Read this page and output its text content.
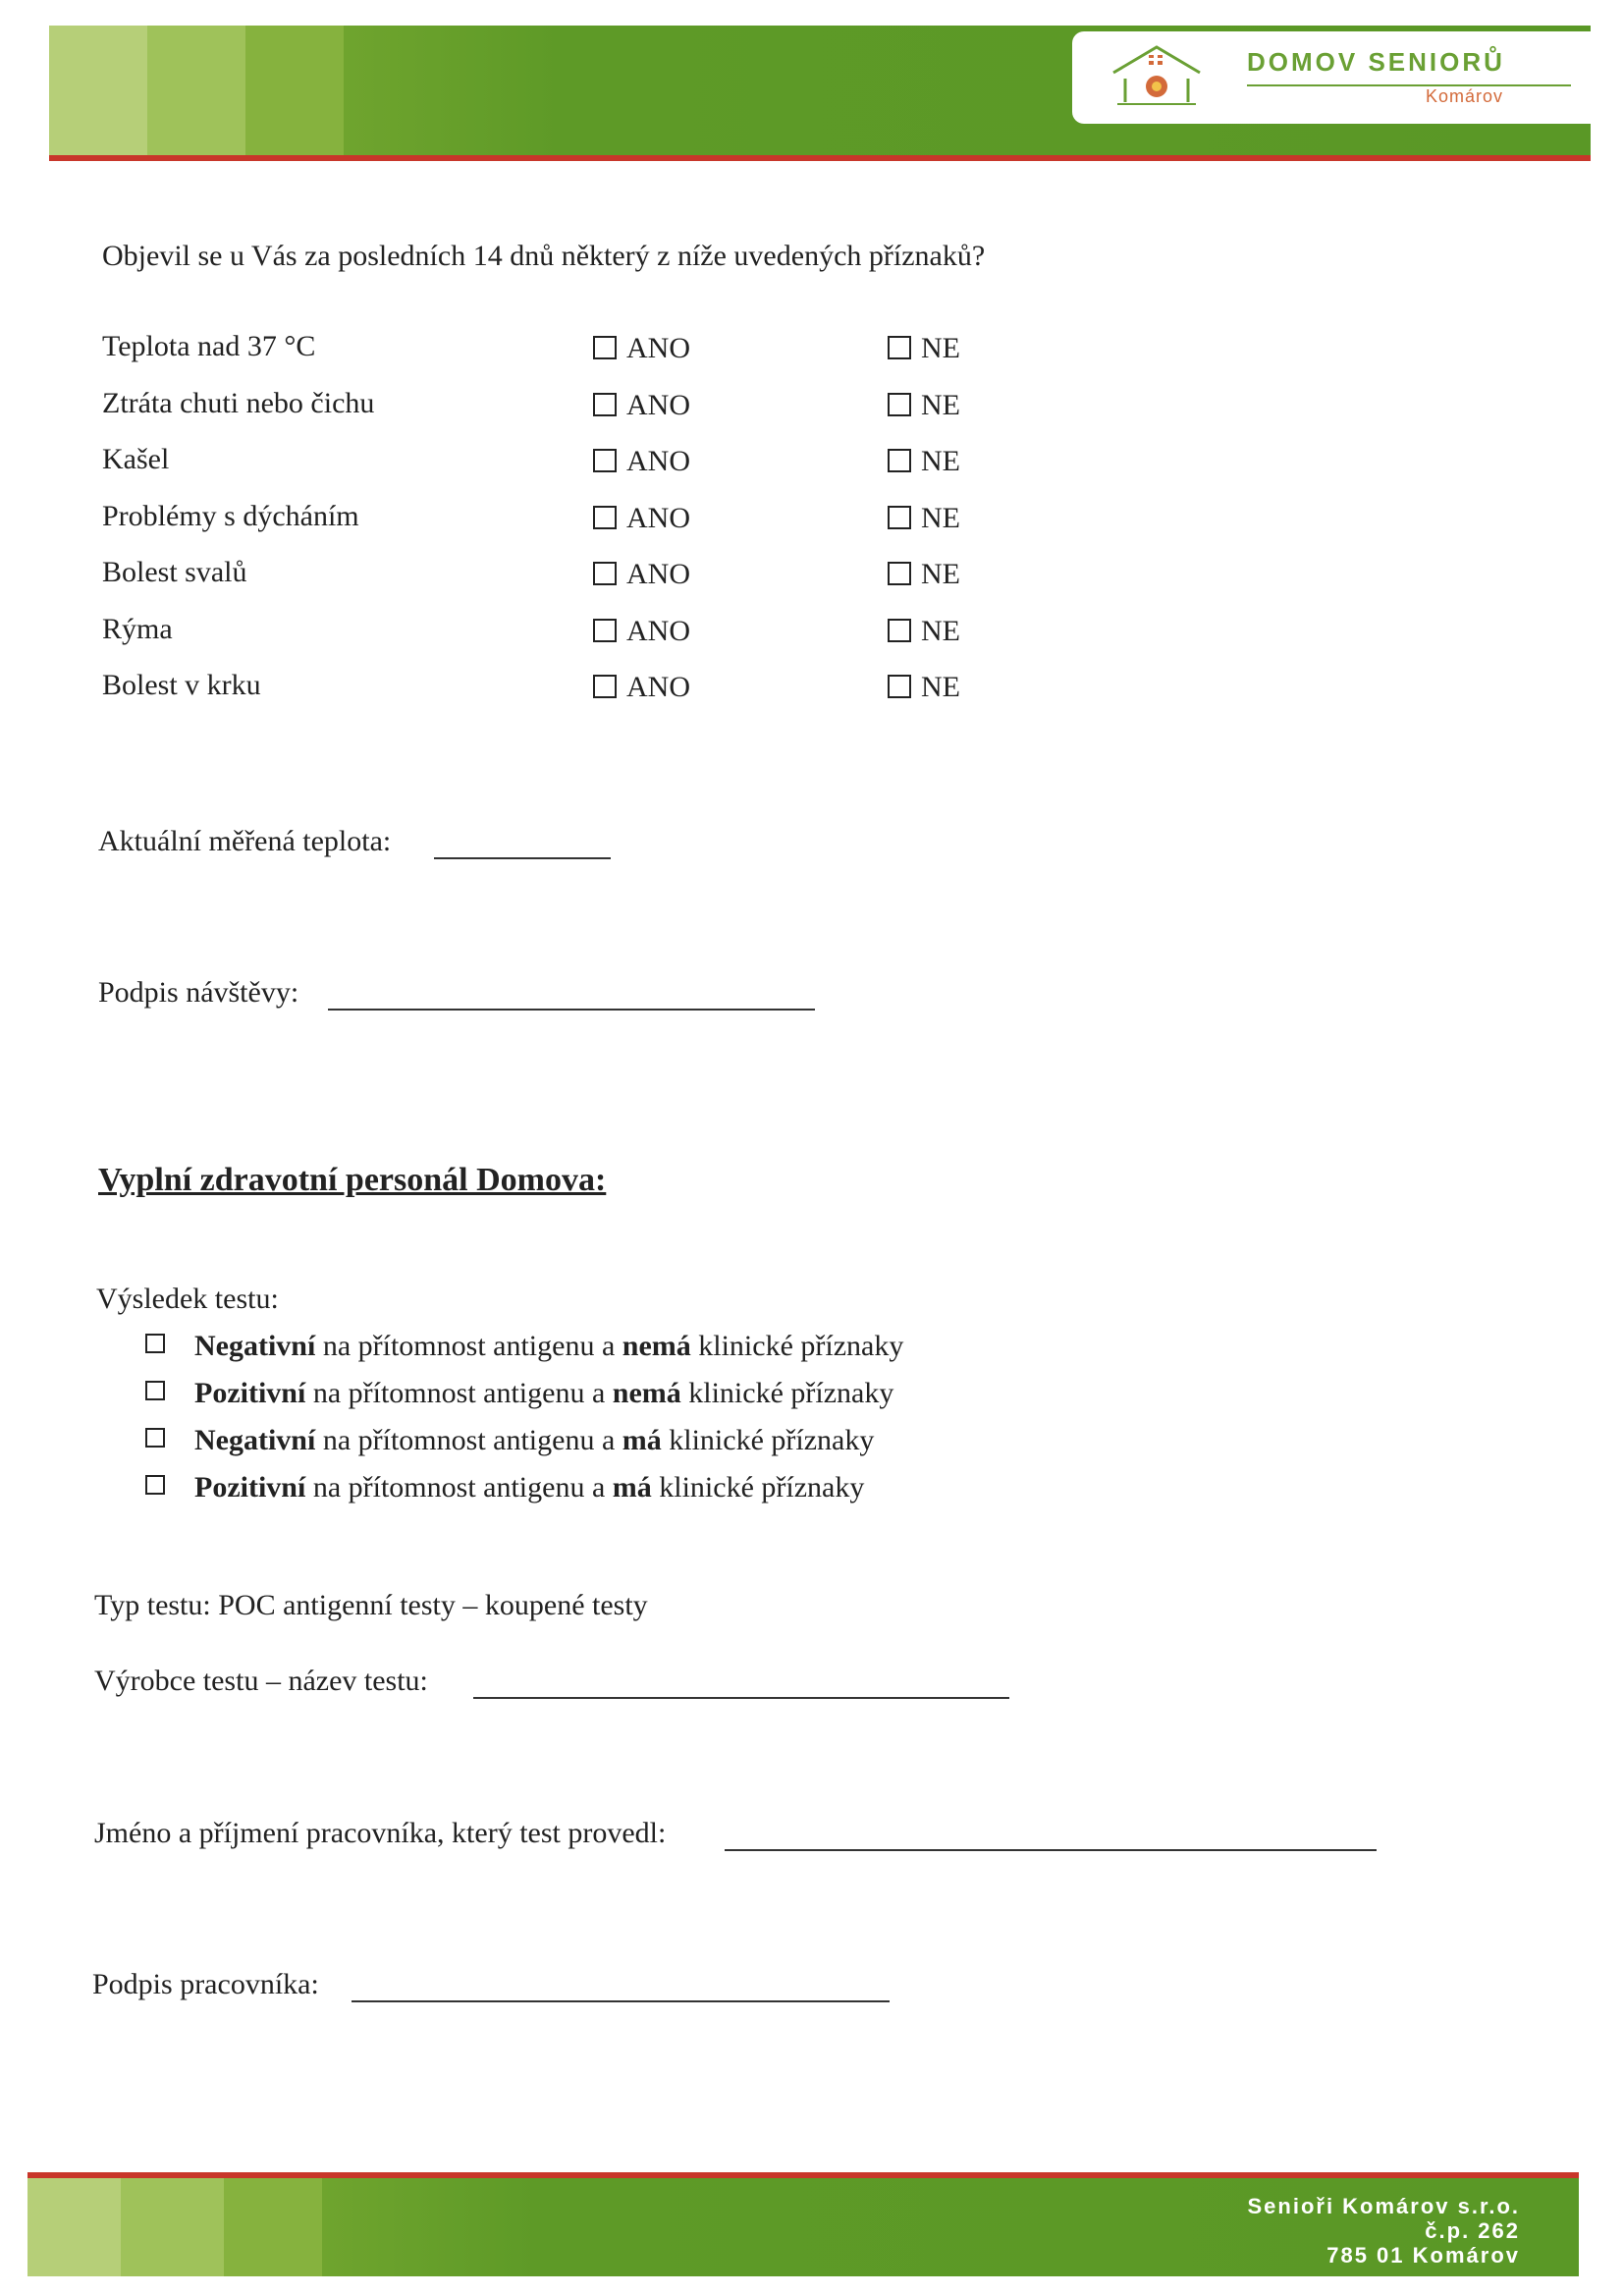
DOMOV SENIORŮ
Komárov
Objevil se u Vás za posledních 14 dnů některý z níže uvedených příznaků?
Teplota nad 37 °C	ANO	NE
Ztráta chuti nebo čichu	ANO	NE
Kašel	ANO	NE
Problémy s dýcháním	ANO	NE
Bolest svalů	ANO	NE
Rýma	ANO	NE
Bolest v krku	ANO	NE
Aktuální měřená teplota:
Podpis návštěvy:
Vyplní zdravotní personál Domova:
Výsledek testu:
Negativní na přítomnost antigenu a nemá klinické příznaky
Pozitivní na přítomnost antigenu a nemá klinické příznaky
Negativní na přítomnost antigenu a má klinické příznaky
Pozitivní na přítomnost antigenu a má klinické příznaky
Typ testu: POC antigenní testy – koupené testy
Výrobce testu – název testu:
Jméno a příjmení pracovníka, který test provedl:
Podpis pracovníka:
Senioři Komárov s.r.o.
č.p. 262
785 01 Komárov
